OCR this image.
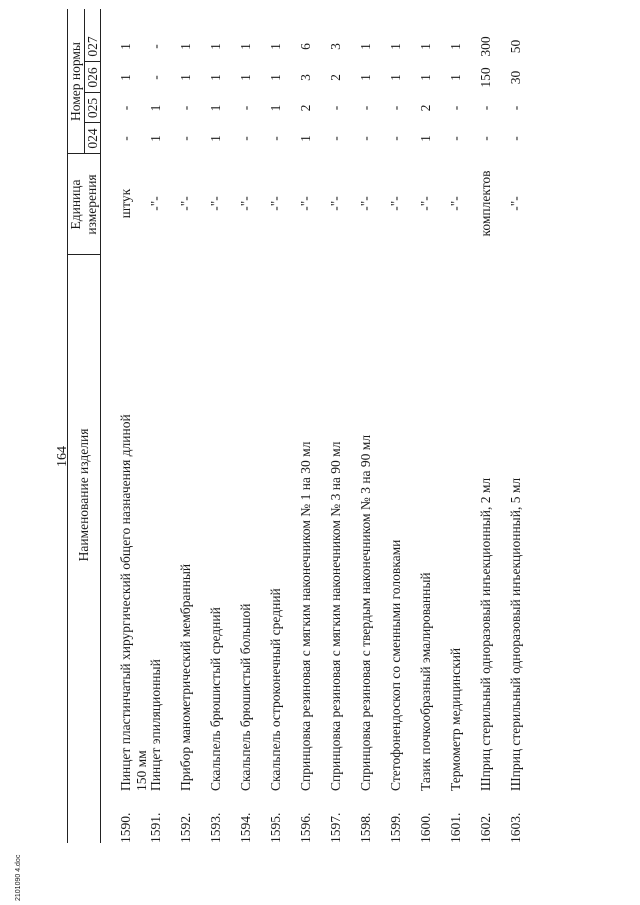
164
2101090 4.doc
Наименование изделия
Единица измерения
Номер нормы
024
025
026
027
1590.
Пинцет пластинчатый хирургический общего назначения длиной 150 мм
штук
-
-
1
1
1591.
Пинцет эпиляционный
-"-
1
1
-
-
1592.
Прибор манометрический мембранный
-"-
-
-
1
1
1593.
Скальпель брюшистый средний
-"-
1
1
1
1
1594.
Скальпель брюшистый большой
-"-
-
-
1
1
1595.
Скальпель остроконечный средний
-"-
-
1
1
1
1596.
Спринцовка резиновая с мягким наконечником № 1 на 30 мл
-"-
1
2
3
6
1597.
Спринцовка резиновая с мягким наконечником № 3 на 90 мл
-"-
-
-
2
3
1598.
Спринцовка резиновая с твердым наконечником № 3 на 90 мл
-"-
-
-
1
1
1599.
Стетофонендоскоп со сменными головками
-"-
-
-
1
1
1600.
Тазик почкообразный эмалированный
-"-
1
2
1
1
1601.
Термометр медицинский
-"-
-
-
1
1
1602.
Шприц стерильный одноразовый инъекционный, 2 мл
комплектов
-
-
150
300
1603.
Шприц стерильный одноразовый инъекционный, 5 мл
-"-
-
-
30
50
